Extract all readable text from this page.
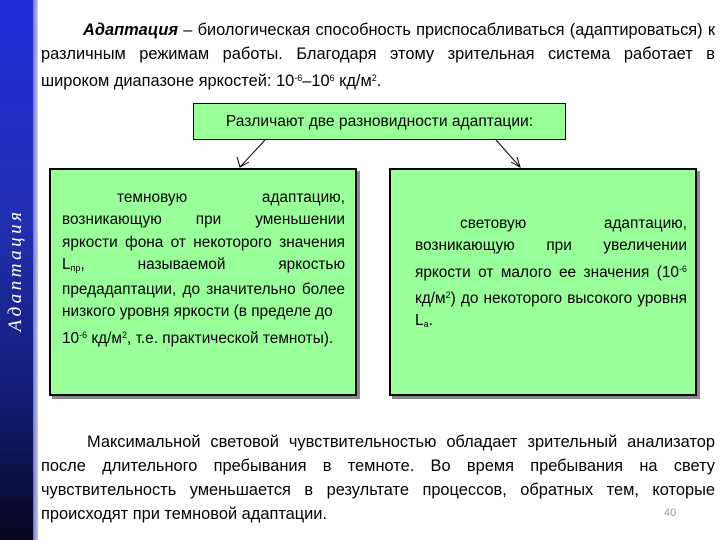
Адаптация
Адаптация – биологическая способность приспосабливаться (адаптироваться) к различным режимам работы. Благодаря этому зрительная система работает в широком диапазоне яркостей: $10^{-6}-10^6$ $кд/м^2$.
Различают две разновидности адаптации:
темновую адаптацию, возникающую при уменьшении яркости фона от некоторого значения $L_{пр}$, называемой яркостью предадаптации, до значительно более низкого уровня яркости (в пределе до
$10^{-6}$ $кд/м^2$, т.е. практической темноты).
световую адаптацию, возникающую при увеличении яркости от малого ее значения ($10^{-6}$ $кд/м^2$) до некоторого высокого уровня $L_а$.
Максимальной световой чувствительностью обладает зрительный анализатор после длительного пребывания в темноте. Во время пребывания на свету чувствительность уменьшается в результате процессов, обратных тем, которые происходят при темновой адаптации.	40
